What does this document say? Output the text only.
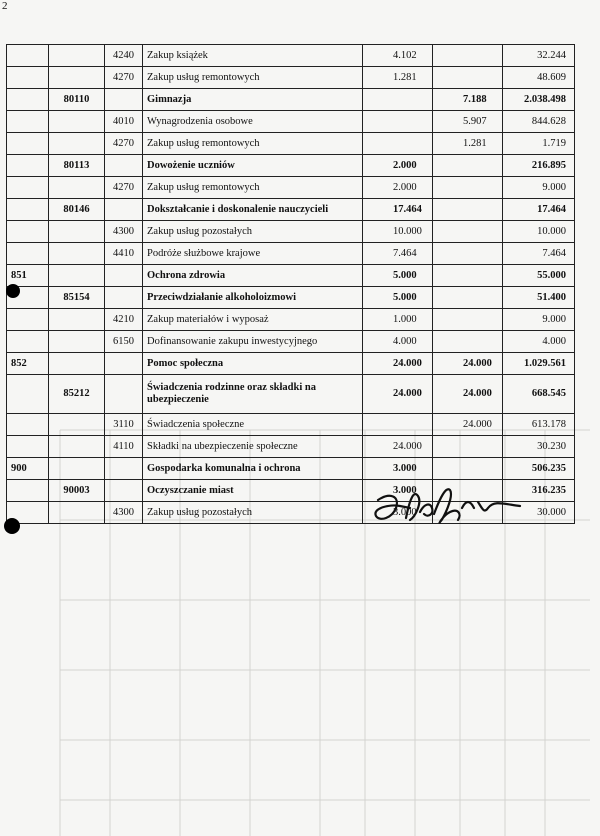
2
		4240	Zakup książek	4.102		32.244
		4270	Zakup usług remontowych	1.281		48.609
	80110		Gimnazja		7.188	2.038.498
		4010	Wynagrodzenia osobowe		5.907	844.628
		4270	Zakup usług remontowych		1.281	1.719
	80113		Dowożenie uczniów	2.000		216.895
		4270	Zakup usług remontowych	2.000		9.000
	80146		Dokształcanie i doskonalenie nauczycieli	17.464		17.464
		4300	Zakup usług pozostałych	10.000		10.000
		4410	Podróże służbowe krajowe	7.464		7.464
851			Ochrona zdrowia	5.000		55.000
	85154		Przeciwdziałanie alkoholoizmowi	5.000		51.400
		4210	Zakup materiałów i wyposaż	1.000		9.000
		6150	Dofinansowanie zakupu inwestycyjnego	4.000		4.000
852			Pomoc społeczna	24.000	24.000	1.029.561
	85212		Świadczenia rodzinne oraz składki na ubezpieczenie	24.000	24.000	668.545
		3110	Świadczenia społeczne		24.000	613.178
		4110	Składki na ubezpieczenie społeczne	24.000		30.230
900			Gospodarka komunalna i ochrona	3.000		506.235
	90003		Oczyszczanie miast	3.000		316.235
		4300	Zakup usług pozostałych	3.000		30.000
